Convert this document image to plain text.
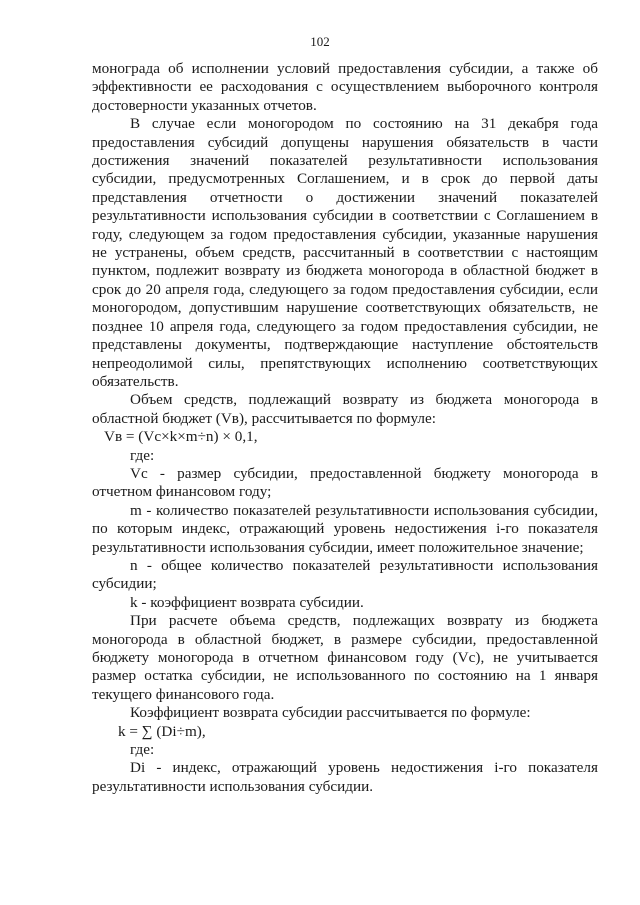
102

монограда об исполнении условий предоставления субсидии, а также об эффективности ее расходования с осуществлением выборочного контроля достоверности указанных отчетов.

В случае если моногородом по состоянию на 31 декабря года предоставления субсидий допущены нарушения обязательств в части достижения значений показателей результативности использования субсидии, предусмотренных Соглашением, и в срок до первой даты представления отчетности о достижении значений показателей результативности использования субсидии в соответствии с Соглашением в году, следующем за годом предоставления субсидии, указанные нарушения не устранены, объем средств, рассчитанный в соответствии с настоящим пунктом, подлежит возврату из бюджета моногорода в областной бюджет в срок до 20 апреля года, следующего за годом предоставления субсидии, если моногородом, допустившим нарушение соответствующих обязательств, не позднее 10 апреля года, следующего за годом предоставления субсидии, не представлены документы, подтверждающие наступление обстоятельств непреодолимой силы, препятствующих исполнению соответствующих обязательств.

Объем средств, подлежащий возврату из бюджета моногорода в областной бюджет (Vв), рассчитывается по формуле:

Vв = (Vс×k×m÷n) × 0,1,

где:

Vс - размер субсидии, предоставленной бюджету моногорода в отчетном финансовом году;

m - количество показателей результативности использования субсидии, по которым индекс, отражающий уровень недостижения i-го показателя результативности использования субсидии, имеет положительное значение;

n - общее количество показателей результативности использования субсидии;

k - коэффициент возврата субсидии.

При расчете объема средств, подлежащих возврату из бюджета моногорода в областной бюджет, в размере субсидии, предоставленной бюджету моногорода в отчетном финансовом году (Vс), не учитывается размер остатка субсидии, не использованного по состоянию на 1 января текущего финансового года.

Коэффициент возврата субсидии рассчитывается по формуле:

k = ∑ (Di÷m),

где:

Di - индекс, отражающий уровень недостижения i-го показателя результативности использования субсидии.
